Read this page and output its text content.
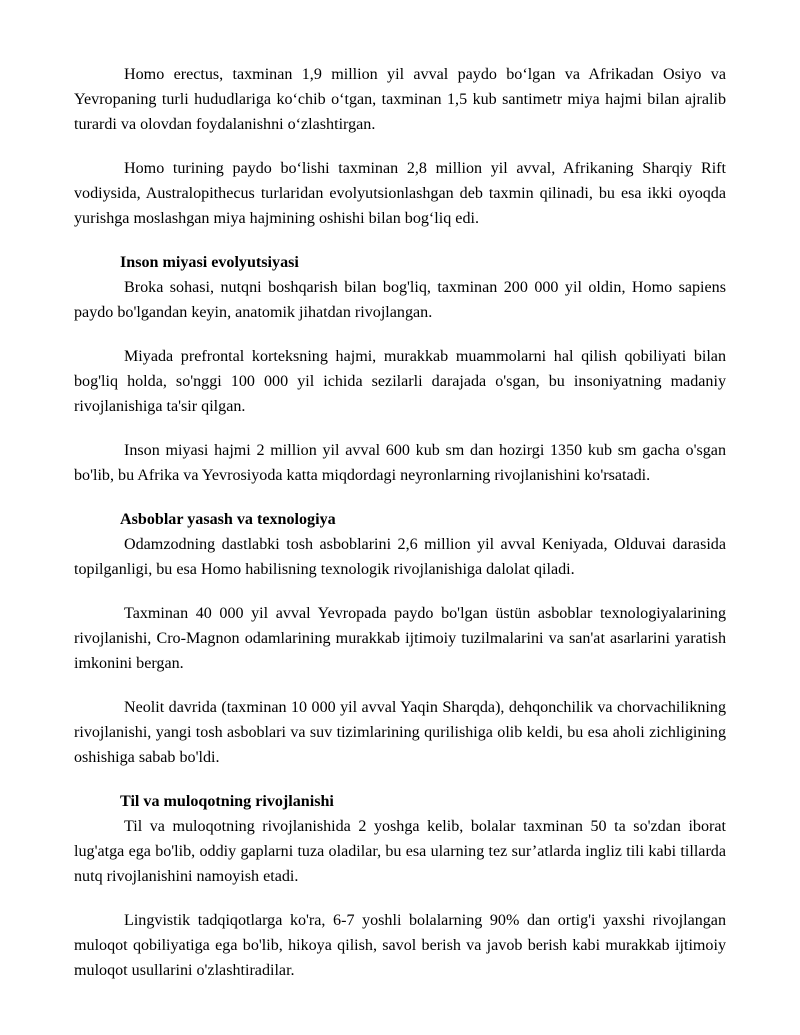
Homo erectus, taxminan 1,9 million yil avval paydo bo‘lgan va Afrikadan Osiyo va Yevropaning turli hududlariga ko‘chib o‘tgan, taxminan 1,5 kub santimetr miya hajmi bilan ajralib turardi va olovdan foydalanishni o‘zlashtirgan.

Homo turining paydo bo‘lishi taxminan 2,8 million yil avval, Afrikaning Sharqiy Rift vodiysida, Australopithecus turlaridan evolyutsionlashgan deb taxmin qilinadi, bu esa ikki oyoqda yurishga moslashgan miya hajmining oshishi bilan bog‘liq edi.

Inson miyasi evolyutsiyasi

Broka sohasi, nutqni boshqarish bilan bog'liq, taxminan 200 000 yil oldin, Homo sapiens paydo bo'lgandan keyin, anatomik jihatdan rivojlangan.

Miyada prefrontal korteksning hajmi, murakkab muammolarni hal qilish qobiliyati bilan bog'liq holda, so'nggi 100 000 yil ichida sezilarli darajada o'sgan, bu insoniyatning madaniy rivojlanishiga ta'sir qilgan.

Inson miyasi hajmi 2 million yil avval 600 kub sm dan hozirgi 1350 kub sm gacha o'sgan bo'lib, bu Afrika va Yevrosiyoda katta miqdordagi neyronlarning rivojlanishini ko'rsatadi.

Asboblar yasash va texnologiya

Odamzodning dastlabki tosh asboblarini 2,6 million yil avval Keniyada, Olduvai darasida topilganligi, bu esa Homo habilisning texnologik rivojlanishiga dalolat qiladi.

Taxminan 40 000 yil avval Yevropada paydo bo'lgan üstün asboblar texnologiyalarining rivojlanishi, Cro-Magnon odamlarining murakkab ijtimoiy tuzilmalarini va san'at asarlarini yaratish imkonini bergan.

Neolit davrida (taxminan 10 000 yil avval Yaqin Sharqda), dehqonchilik va chorvachilikning rivojlanishi, yangi tosh asboblari va suv tizimlarining qurilishiga olib keldi, bu esa aholi zichligining oshishiga sabab bo'ldi.

Til va muloqotning rivojlanishi

Til va muloqotning rivojlanishida 2 yoshga kelib, bolalar taxminan 50 ta so'zdan iborat lug'atga ega bo'lib, oddiy gaplarni tuza oladilar, bu esa ularning tez sur’atlarda ingliz tili kabi tillarda nutq rivojlanishini namoyish etadi.

Lingvistik tadqiqotlarga ko'ra, 6-7 yoshli bolalarning 90% dan ortig'i yaxshi rivojlangan muloqot qobiliyatiga ega bo'lib, hikoya qilish, savol berish va javob berish kabi murakkab ijtimoiy muloqot usullarini o'zlashtiradilar.
